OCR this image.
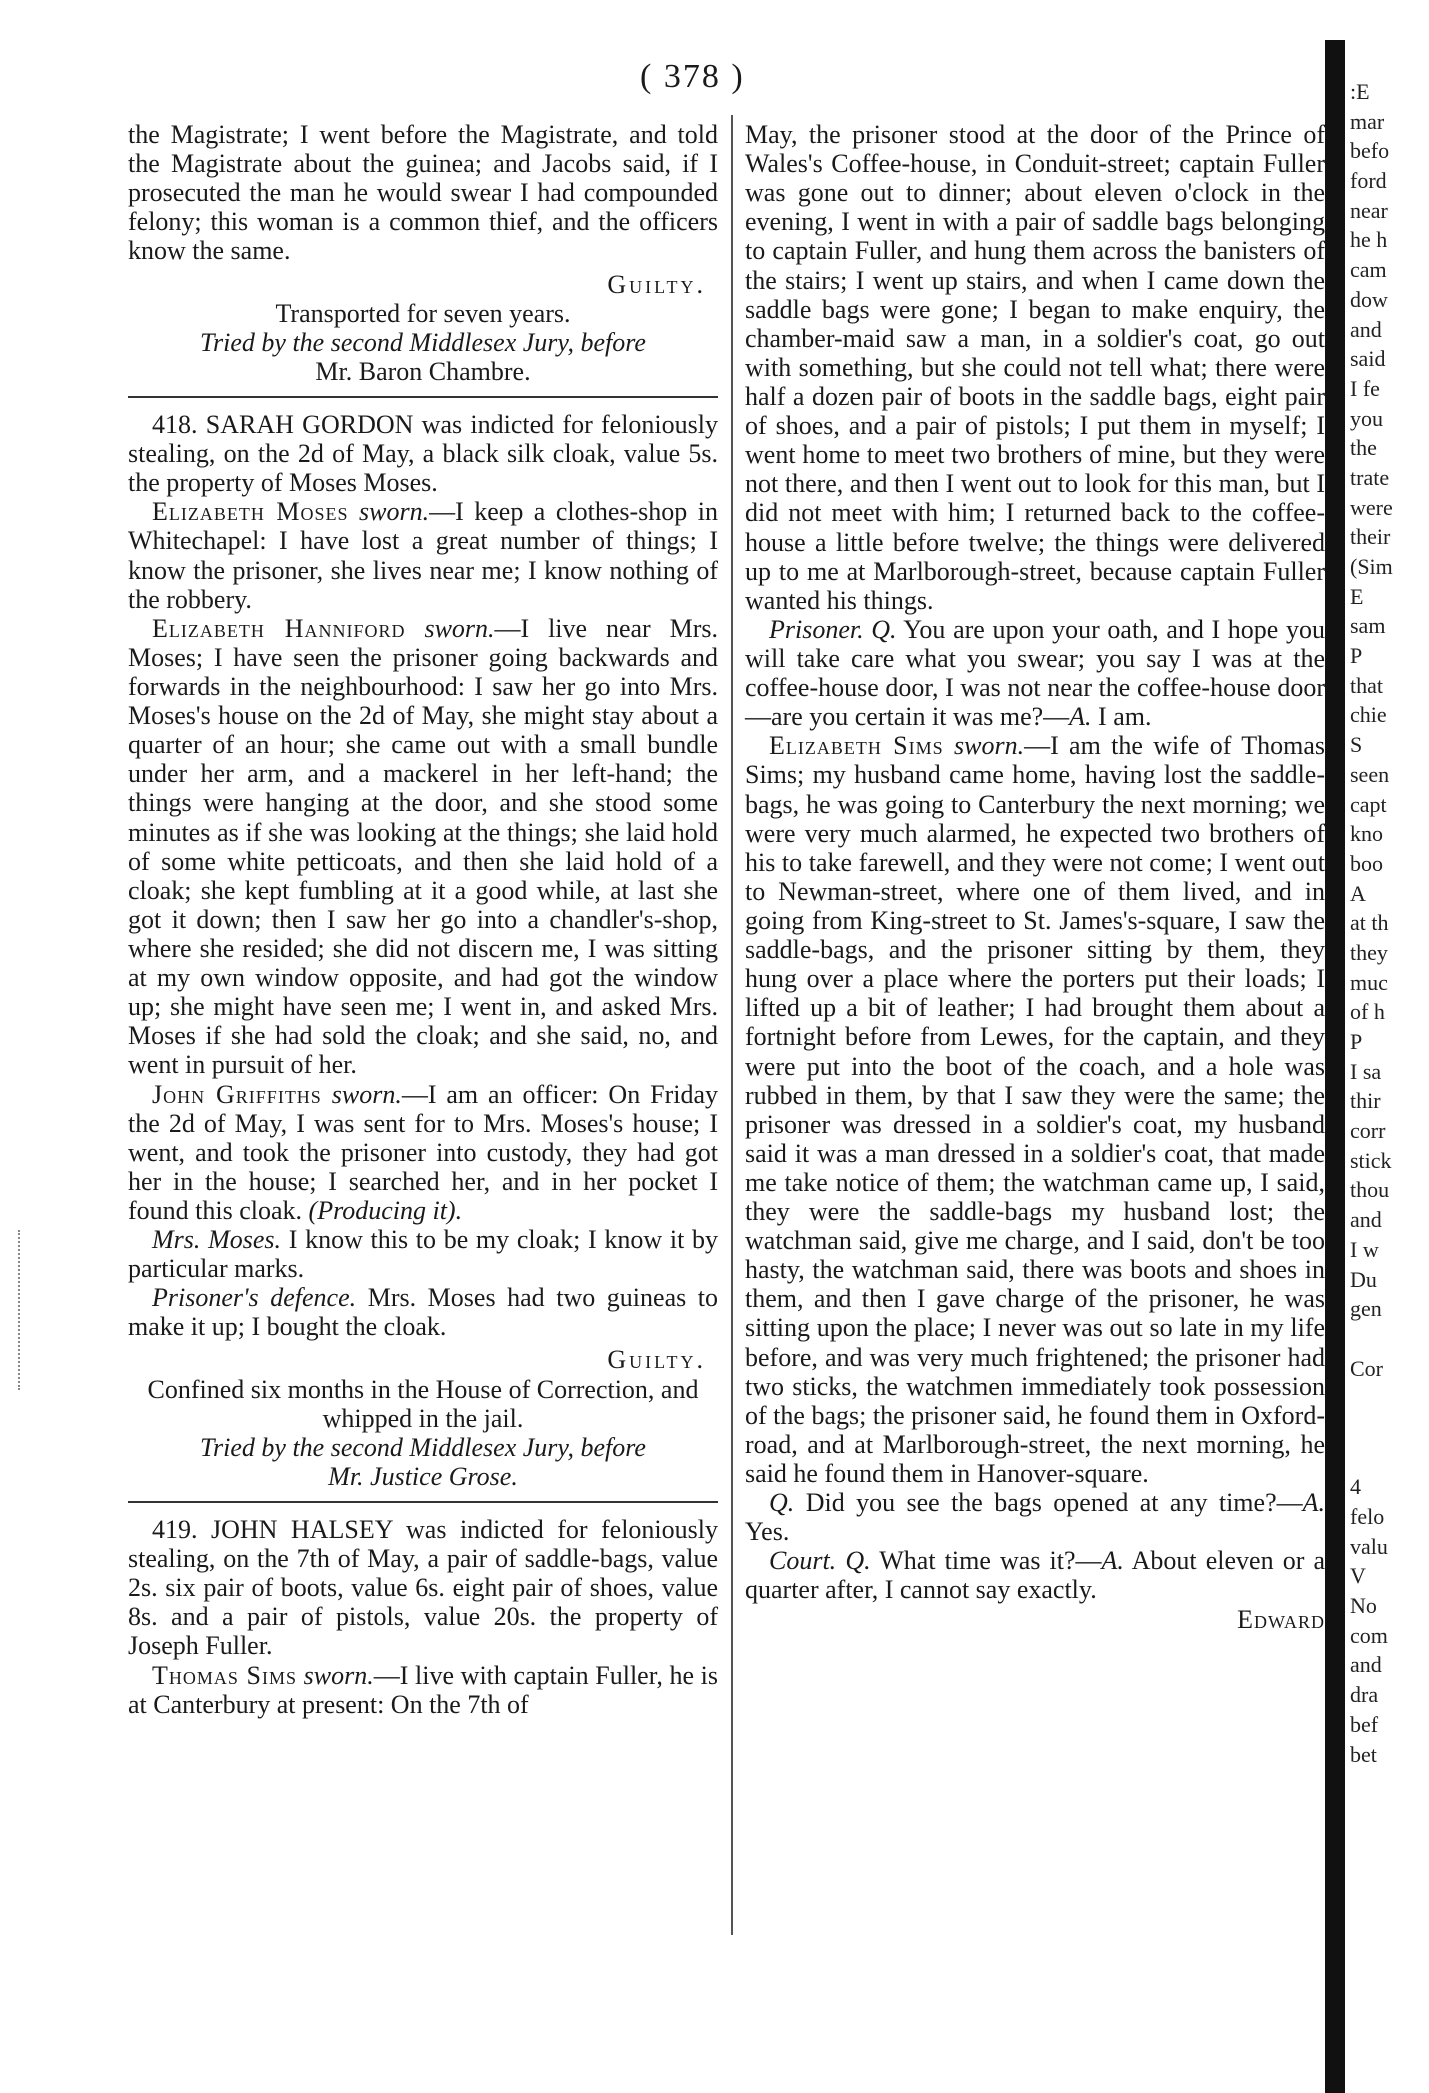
( 378 )

the Magistrate; I went before the Magistrate, and told the Magistrate about the guinea; and Jacobs said, if I prosecuted the man he would swear I had compounded felony; this woman is a common thief, and the officers know the same.

Guilty.

Transported for seven years.

Tried by the second Middlesex Jury, before

Mr. Baron Chambre.

418. SARAH GORDON was indicted for feloniously stealing, on the 2d of May, a black silk cloak, value 5s. the property of Moses Moses.

Elizabeth Moses sworn.—I keep a clothes-shop in Whitechapel: I have lost a great number of things; I know the prisoner, she lives near me; I know nothing of the robbery.

Elizabeth Hanniford sworn.—I live near Mrs. Moses; I have seen the prisoner going backwards and forwards in the neighbourhood: I saw her go into Mrs. Moses's house on the 2d of May, she might stay about a quarter of an hour; she came out with a small bundle under her arm, and a mackerel in her left-hand; the things were hanging at the door, and she stood some minutes as if she was looking at the things; she laid hold of some white petticoats, and then she laid hold of a cloak; she kept fumbling at it a good while, at last she got it down; then I saw her go into a chandler's-shop, where she resided; she did not discern me, I was sitting at my own window opposite, and had got the window up; she might have seen me; I went in, and asked Mrs. Moses if she had sold the cloak; and she said, no, and went in pursuit of her.

John Griffiths sworn.—I am an officer: On Friday the 2d of May, I was sent for to Mrs. Moses's house; I went, and took the prisoner into custody, they had got her in the house; I searched her, and in her pocket I found this cloak. (Producing it).

Mrs. Moses. I know this to be my cloak; I know it by particular marks.

Prisoner's defence. Mrs. Moses had two guineas to make it up; I bought the cloak.

Guilty.

Confined six months in the House of Correction, and whipped in the jail.

Tried by the second Middlesex Jury, before

Mr. Justice Grose.

419. JOHN HALSEY was indicted for feloniously stealing, on the 7th of May, a pair of saddle-bags, value 2s. six pair of boots, value 6s. eight pair of shoes, value 8s. and a pair of pistols, value 20s. the property of Joseph Fuller.

Thomas Sims sworn.—I live with captain Fuller, he is at Canterbury at present: On the 7th of

May, the prisoner stood at the door of the Prince of Wales's Coffee-house, in Conduit-street; captain Fuller was gone out to dinner; about eleven o'clock in the evening, I went in with a pair of saddle bags belonging to captain Fuller, and hung them across the banisters of the stairs; I went up stairs, and when I came down the saddle bags were gone; I began to make enquiry, the chamber-maid saw a man, in a soldier's coat, go out with something, but she could not tell what; there were half a dozen pair of boots in the saddle bags, eight pair of shoes, and a pair of pistols; I put them in myself; I went home to meet two brothers of mine, but they were not there, and then I went out to look for this man, but I did not meet with him; I returned back to the coffee-house a little before twelve; the things were delivered up to me at Marlborough-street, because captain Fuller wanted his things.

Prisoner. Q. You are upon your oath, and I hope you will take care what you swear; you say I was at the coffee-house door, I was not near the coffee-house door—are you certain it was me?—A. I am.

Elizabeth Sims sworn.—I am the wife of Thomas Sims; my husband came home, having lost the saddle-bags, he was going to Canterbury the next morning; we were very much alarmed, he expected two brothers of his to take farewell, and they were not come; I went out to Newman-street, where one of them lived, and in going from King-street to St. James's-square, I saw the saddle-bags, and the prisoner sitting by them, they hung over a place where the porters put their loads; I lifted up a bit of leather; I had brought them about a fortnight before from Lewes, for the captain, and they were put into the boot of the coach, and a hole was rubbed in them, by that I saw they were the same; the prisoner was dressed in a soldier's coat, my husband said it was a man dressed in a soldier's coat, that made me take notice of them; the watchman came up, I said, they were the saddle-bags my husband lost; the watchman said, give me charge, and I said, don't be too hasty, the watchman said, there was boots and shoes in them, and then I gave charge of the prisoner, he was sitting upon the place; I never was out so late in my life before, and was very much frightened; the prisoner had two sticks, the watchmen immediately took possession of the bags; the prisoner said, he found them in Oxford-road, and at Marlborough-street, the next morning, he said he found them in Hanover-square.

Q. Did you see the bags opened at any time?—A. Yes.

Court. Q. What time was it?—A. About eleven or a quarter after, I cannot say exactly.

Edward

:E
mar
befo
ford
near
he h
cam
dow
and
said
I fe
you
the
trate
were
their
(Sim
E
sam
P
that
chie
S
seen
capt
kno
boo
A
at th
they
muc
of h
P
I sa
thir
corr
stick
thou
and
I w
Du
gen
Cor
4
felo
valu
V
No
com
and
dra
bef
bet
